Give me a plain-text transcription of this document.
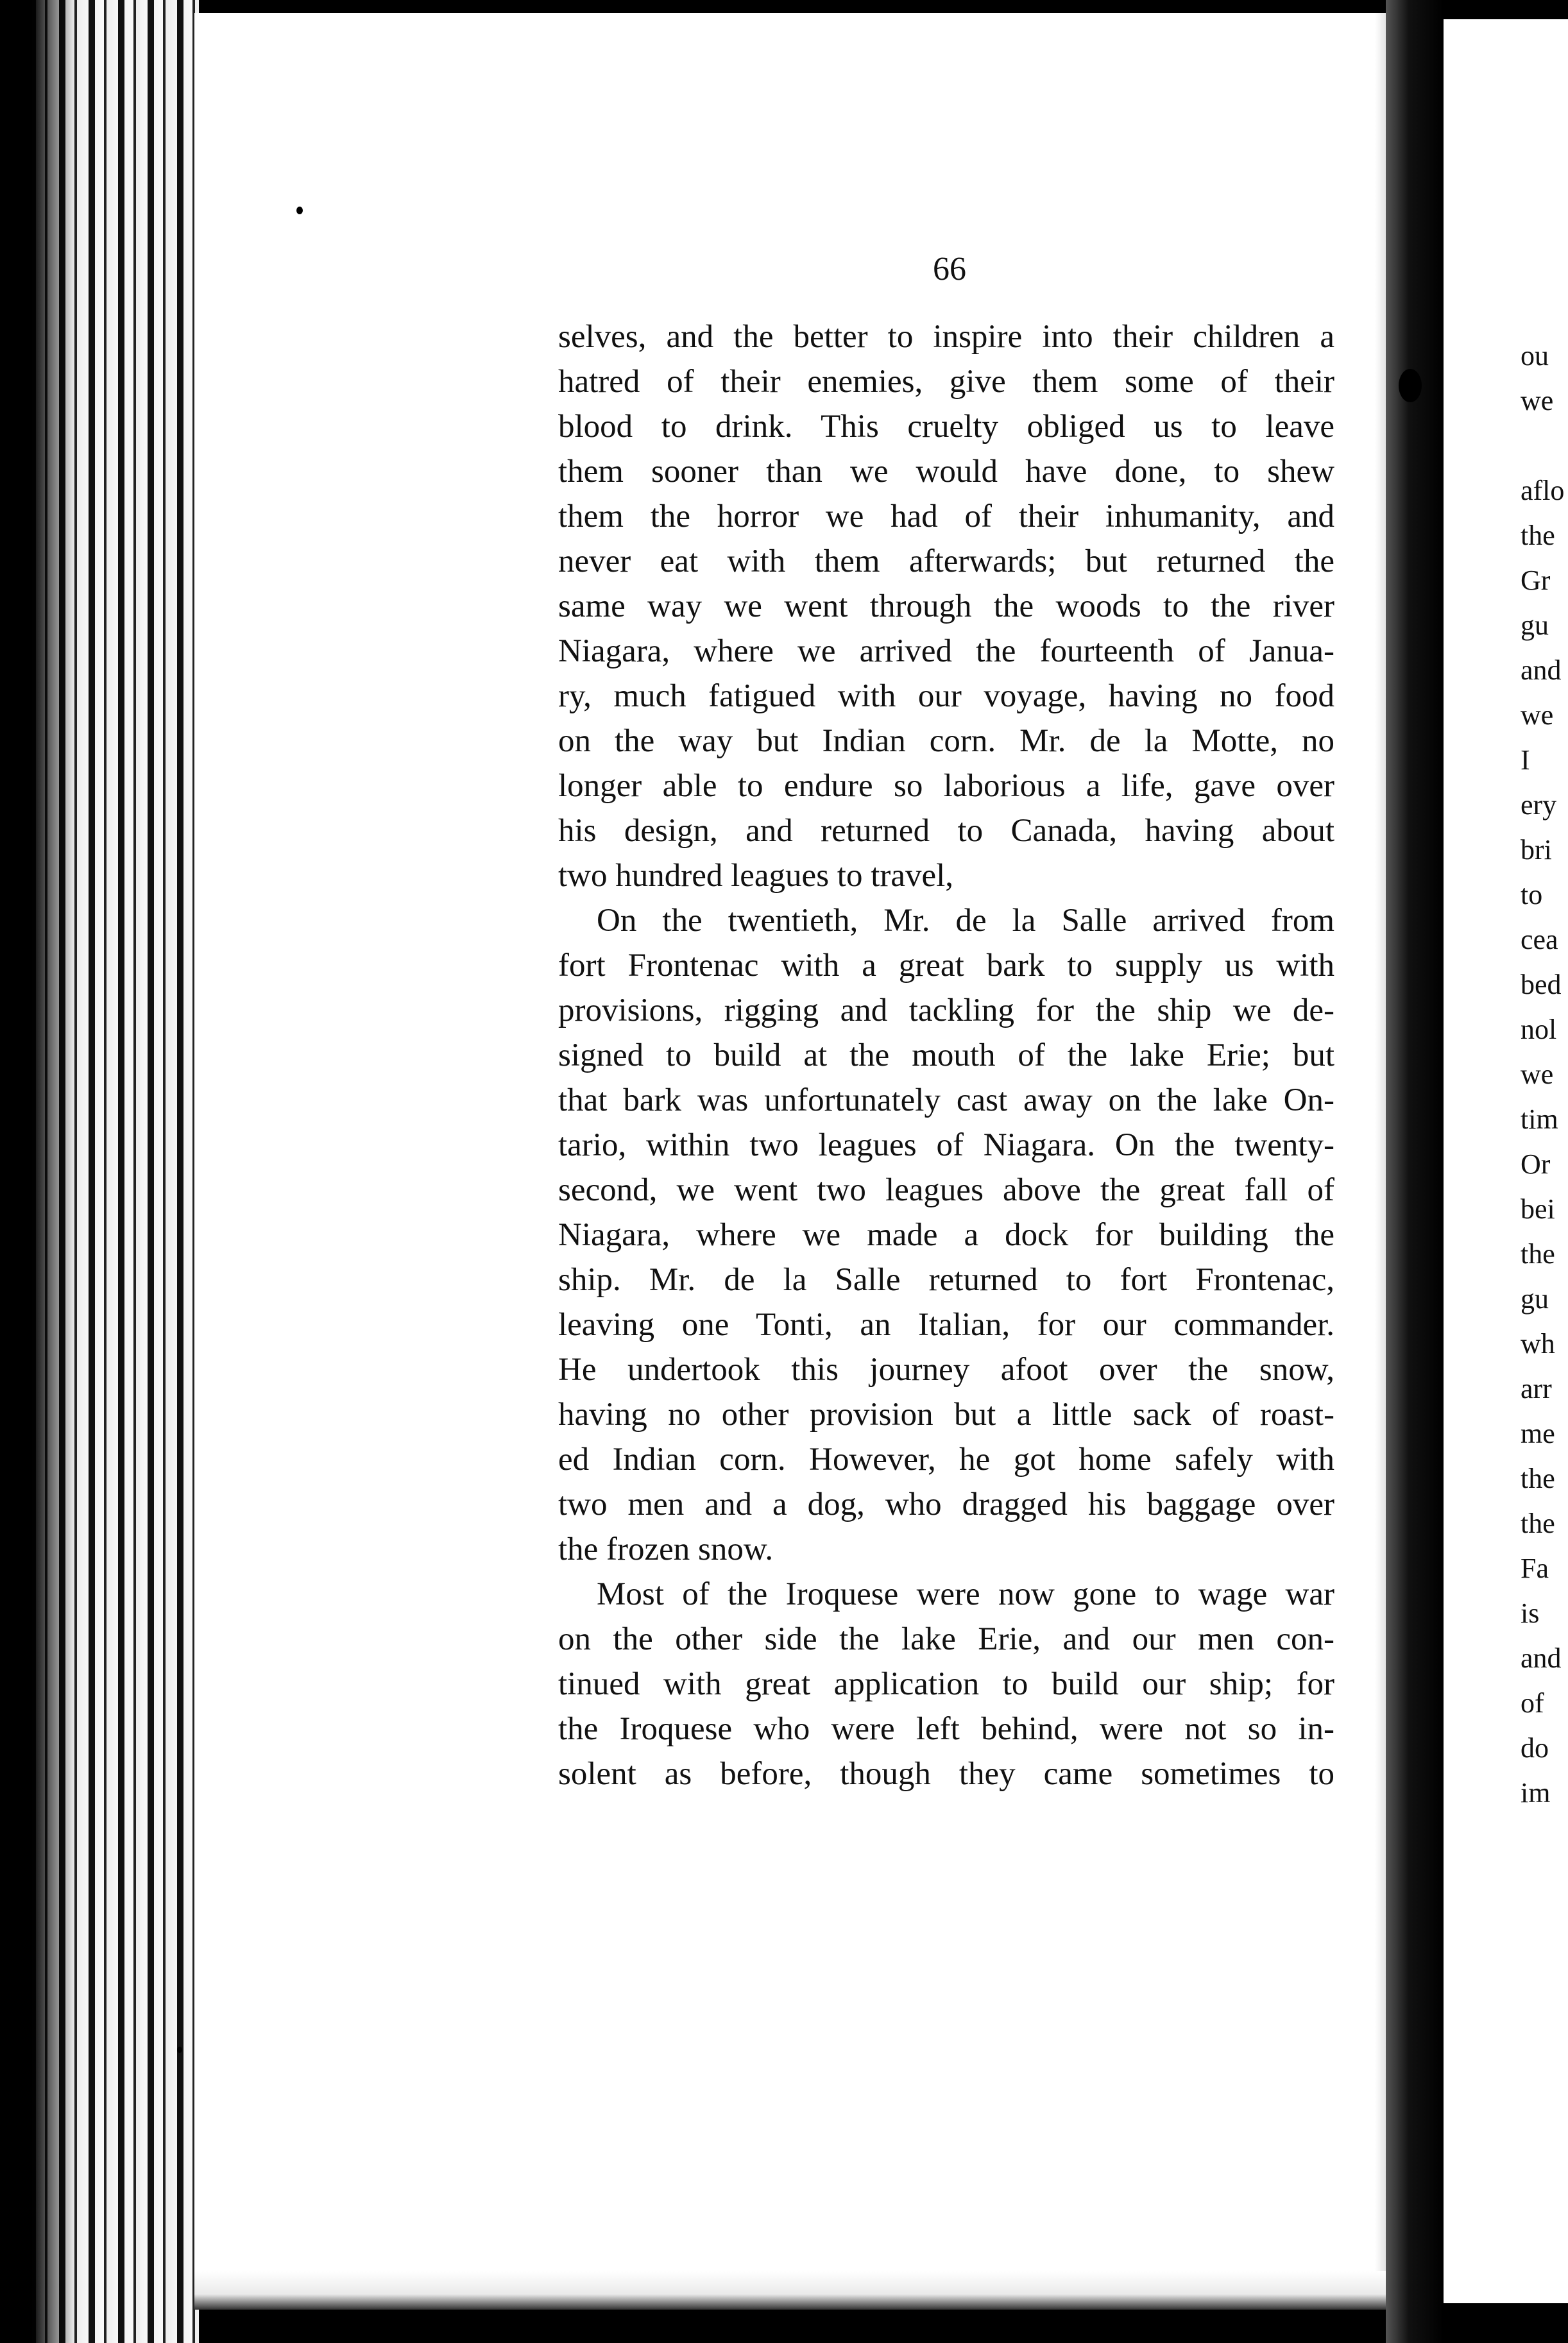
ou
we
aflo
the
Gr
gu
and
we
I
ery
bri
to
cea
bed
nol
we
tim
Or
bei
the
gu
wh
arr
me
the
the
Fa
is
and
of
do
im
66
selves, and the better to inspire into their children a
hatred of their enemies, give them some of their
blood to drink. This cruelty obliged us to leave
them sooner than we would have done, to shew
them the horror we had of their inhumanity, and
never eat with them afterwards; but returned the
same way we went through the woods to the river
Niagara, where we arrived the fourteenth of Janua-
ry, much fatigued with our voyage, having no food
on the way but Indian corn. Mr. de la Motte, no
longer able to endure so laborious a life, gave over
his design, and returned to Canada, having about
two hundred leagues to travel,
On the twentieth, Mr. de la Salle arrived from
fort Frontenac with a great bark to supply us with
provisions, rigging and tackling for the ship we de-
signed to build at the mouth of the lake Erie; but
that bark was unfortunately cast away on the lake On-
tario, within two leagues of Niagara. On the twenty-
second, we went two leagues above the great fall of
Niagara, where we made a dock for building the
ship. Mr. de la Salle returned to fort Frontenac,
leaving one Tonti, an Italian, for our commander.
He undertook this journey afoot over the snow,
having no other provision but a little sack of roast-
ed Indian corn. However, he got home safely with
two men and a dog, who dragged his baggage over
the frozen snow.
Most of the Iroquese were now gone to wage war
on the other side the lake Erie, and our men con-
tinued with great application to build our ship; for
the Iroquese who were left behind, were not so in-
solent as before, though they came sometimes to
